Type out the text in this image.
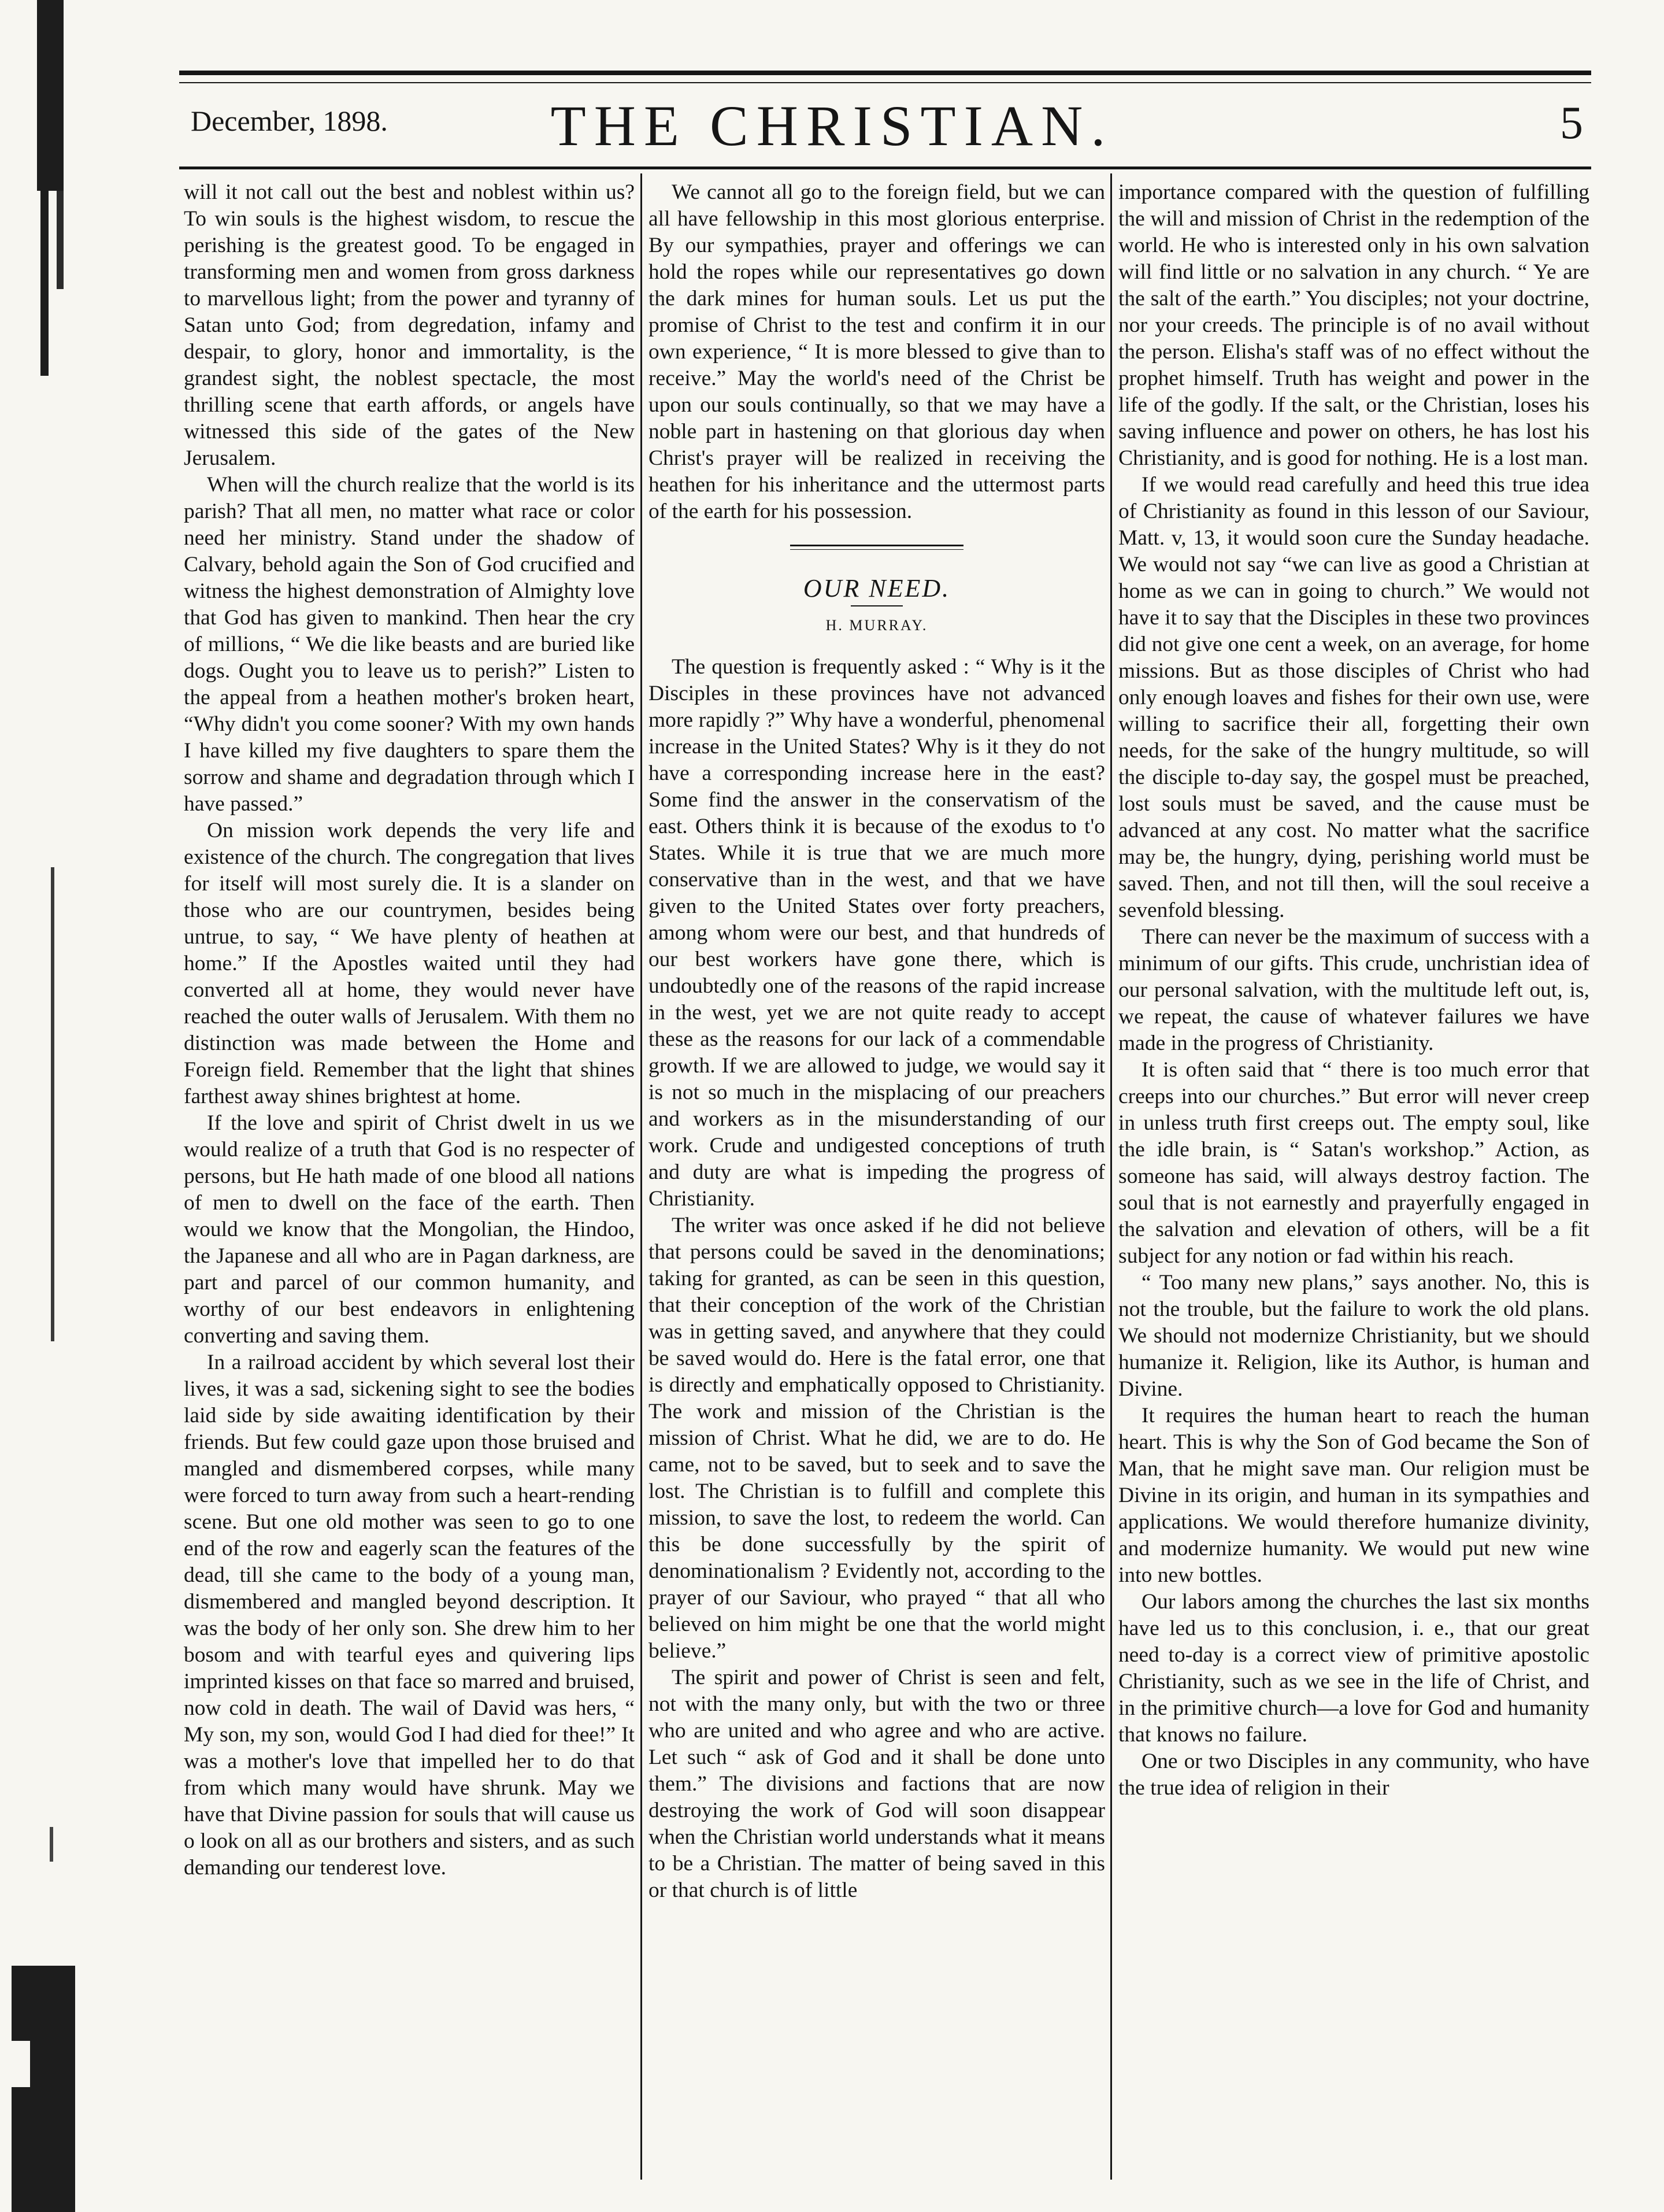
December, 1898.	THE CHRISTIAN.	5

will it not call out the best and noblest within us? To win souls is the highest wisdom, to rescue the perishing is the greatest good. To be engaged in transforming men and women from gross darkness to marvellous light; from the power and tyranny of Satan unto God; from degredation, infamy and despair, to glory, honor and immortality, is the grandest sight, the noblest spectacle, the most thrilling scene that earth affords, or angels have witnessed this side of the gates of the New Jerusalem.

When will the church realize that the world is its parish? That all men, no matter what race or color need her ministry. Stand under the shadow of Calvary, behold again the Son of God crucified and witness the highest demonstration of Almighty love that God has given to mankind. Then hear the cry of millions, “ We die like beasts and are buried like dogs. Ought you to leave us to perish?” Listen to the appeal from a heathen mother's broken heart, “Why didn't you come sooner? With my own hands I have killed my five daughters to spare them the sorrow and shame and degradation through which I have passed.”

On mission work depends the very life and existence of the church. The congregation that lives for itself will most surely die. It is a slander on those who are our countrymen, besides being untrue, to say, “ We have plenty of heathen at home.” If the Apostles waited until they had converted all at home, they would never have reached the outer walls of Jerusalem. With them no distinction was made between the Home and Foreign field. Remember that the light that shines farthest away shines brightest at home.

If the love and spirit of Christ dwelt in us we would realize of a truth that God is no respecter of persons, but He hath made of one blood all nations of men to dwell on the face of the earth. Then would we know that the Mongolian, the Hindoo, the Japanese and all who are in Pagan darkness, are part and parcel of our common humanity, and worthy of our best endeavors in enlightening converting and saving them.

In a railroad accident by which several lost their lives, it was a sad, sickening sight to see the bodies laid side by side awaiting identification by their friends. But few could gaze upon those bruised and mangled and dismembered corpses, while many were forced to turn away from such a heart-rending scene. But one old mother was seen to go to one end of the row and eagerly scan the features of the dead, till she came to the body of a young man, dismembered and mangled beyond description. It was the body of her only son. She drew him to her bosom and with tearful eyes and quivering lips imprinted kisses on that face so marred and bruised, now cold in death. The wail of David was hers, “ My son, my son, would God I had died for thee!” It was a mother's love that impelled her to do that from which many would have shrunk. May we have that Divine passion for souls that will cause us o look on all as our brothers and sisters, and as such demanding our tenderest love.

We cannot all go to the foreign field, but we can all have fellowship in this most glorious enterprise. By our sympathies, prayer and offerings we can hold the ropes while our representatives go down the dark mines for human souls. Let us put the promise of Christ to the test and confirm it in our own experience, “ It is more blessed to give than to receive.” May the world's need of the Christ be upon our souls continually, so that we may have a noble part in hastening on that glorious day when Christ's prayer will be realized in receiving the heathen for his inheritance and the uttermost parts of the earth for his possession.

OUR NEED.
H. MURRAY.

The question is frequently asked : “ Why is it the Disciples in these provinces have not advanced more rapidly ?” Why have a wonderful, phenomenal increase in the United States? Why is it they do not have a corresponding increase here in the east? Some find the answer in the conservatism of the east. Others think it is because of the exodus to t'o States. While it is true that we are much more conservative than in the west, and that we have given to the United States over forty preachers, among whom were our best, and that hundreds of our best workers have gone there, which is undoubtedly one of the reasons of the rapid increase in the west, yet we are not quite ready to accept these as the reasons for our lack of a commendable growth. If we are allowed to judge, we would say it is not so much in the misplacing of our preachers and workers as in the misunderstanding of our work. Crude and undigested conceptions of truth and duty are what is impeding the progress of Christianity.

The writer was once asked if he did not believe that persons could be saved in the denominations; taking for granted, as can be seen in this question, that their conception of the work of the Christian was in getting saved, and anywhere that they could be saved would do. Here is the fatal error, one that is directly and emphatically opposed to Christianity. The work and mission of the Christian is the mission of Christ. What he did, we are to do. He came, not to be saved, but to seek and to save the lost. The Christian is to fulfill and complete this mission, to save the lost, to redeem the world. Can this be done successfully by the spirit of denominationalism ? Evidently not, according to the prayer of our Saviour, who prayed “ that all who believed on him might be one that the world might believe.”

The spirit and power of Christ is seen and felt, not with the many only, but with the two or three who are united and who agree and who are active. Let such “ ask of God and it shall be done unto them.” The divisions and factions that are now destroying the work of God will soon disappear when the Christian world understands what it means to be a Christian. The matter of being saved in this or that church is of little

importance compared with the question of fulfilling the will and mission of Christ in the redemption of the world. He who is interested only in his own salvation will find little or no salvation in any church. “ Ye are the salt of the earth.” You disciples; not your doctrine, nor your creeds. The principle is of no avail without the person. Elisha's staff was of no effect without the prophet himself. Truth has weight and power in the life of the godly. If the salt, or the Christian, loses his saving influence and power on others, he has lost his Christianity, and is good for nothing. He is a lost man.

If we would read carefully and heed this true idea of Christianity as found in this lesson of our Saviour, Matt. v, 13, it would soon cure the Sunday headache. We would not say “we can live as good a Christian at home as we can in going to church.” We would not have it to say that the Disciples in these two provinces did not give one cent a week, on an average, for home missions. But as those disciples of Christ who had only enough loaves and fishes for their own use, were willing to sacrifice their all, forgetting their own needs, for the sake of the hungry multitude, so will the disciple to-day say, the gospel must be preached, lost souls must be saved, and the cause must be advanced at any cost. No matter what the sacrifice may be, the hungry, dying, perishing world must be saved. Then, and not till then, will the soul receive a sevenfold blessing.

There can never be the maximum of success with a minimum of our gifts. This crude, unchristian idea of our personal salvation, with the multitude left out, is, we repeat, the cause of whatever failures we have made in the progress of Christianity.

It is often said that “ there is too much error that creeps into our churches.” But error will never creep in unless truth first creeps out. The empty soul, like the idle brain, is “ Satan's workshop.” Action, as someone has said, will always destroy faction. The soul that is not earnestly and prayerfully engaged in the salvation and elevation of others, will be a fit subject for any notion or fad within his reach.

“ Too many new plans,” says another. No, this is not the trouble, but the failure to work the old plans. We should not modernize Christianity, but we should humanize it. Religion, like its Author, is human and Divine.

It requires the human heart to reach the human heart. This is why the Son of God became the Son of Man, that he might save man. Our religion must be Divine in its origin, and human in its sympathies and applications. We would therefore humanize divinity, and modernize humanity. We would put new wine into new bottles.

Our labors among the churches the last six months have led us to this conclusion, i. e., that our great need to-day is a correct view of primitive apostolic Christianity, such as we see in the life of Christ, and in the primitive church—a love for God and humanity that knows no failure.

One or two Disciples in any community, who have the true idea of religion in their
